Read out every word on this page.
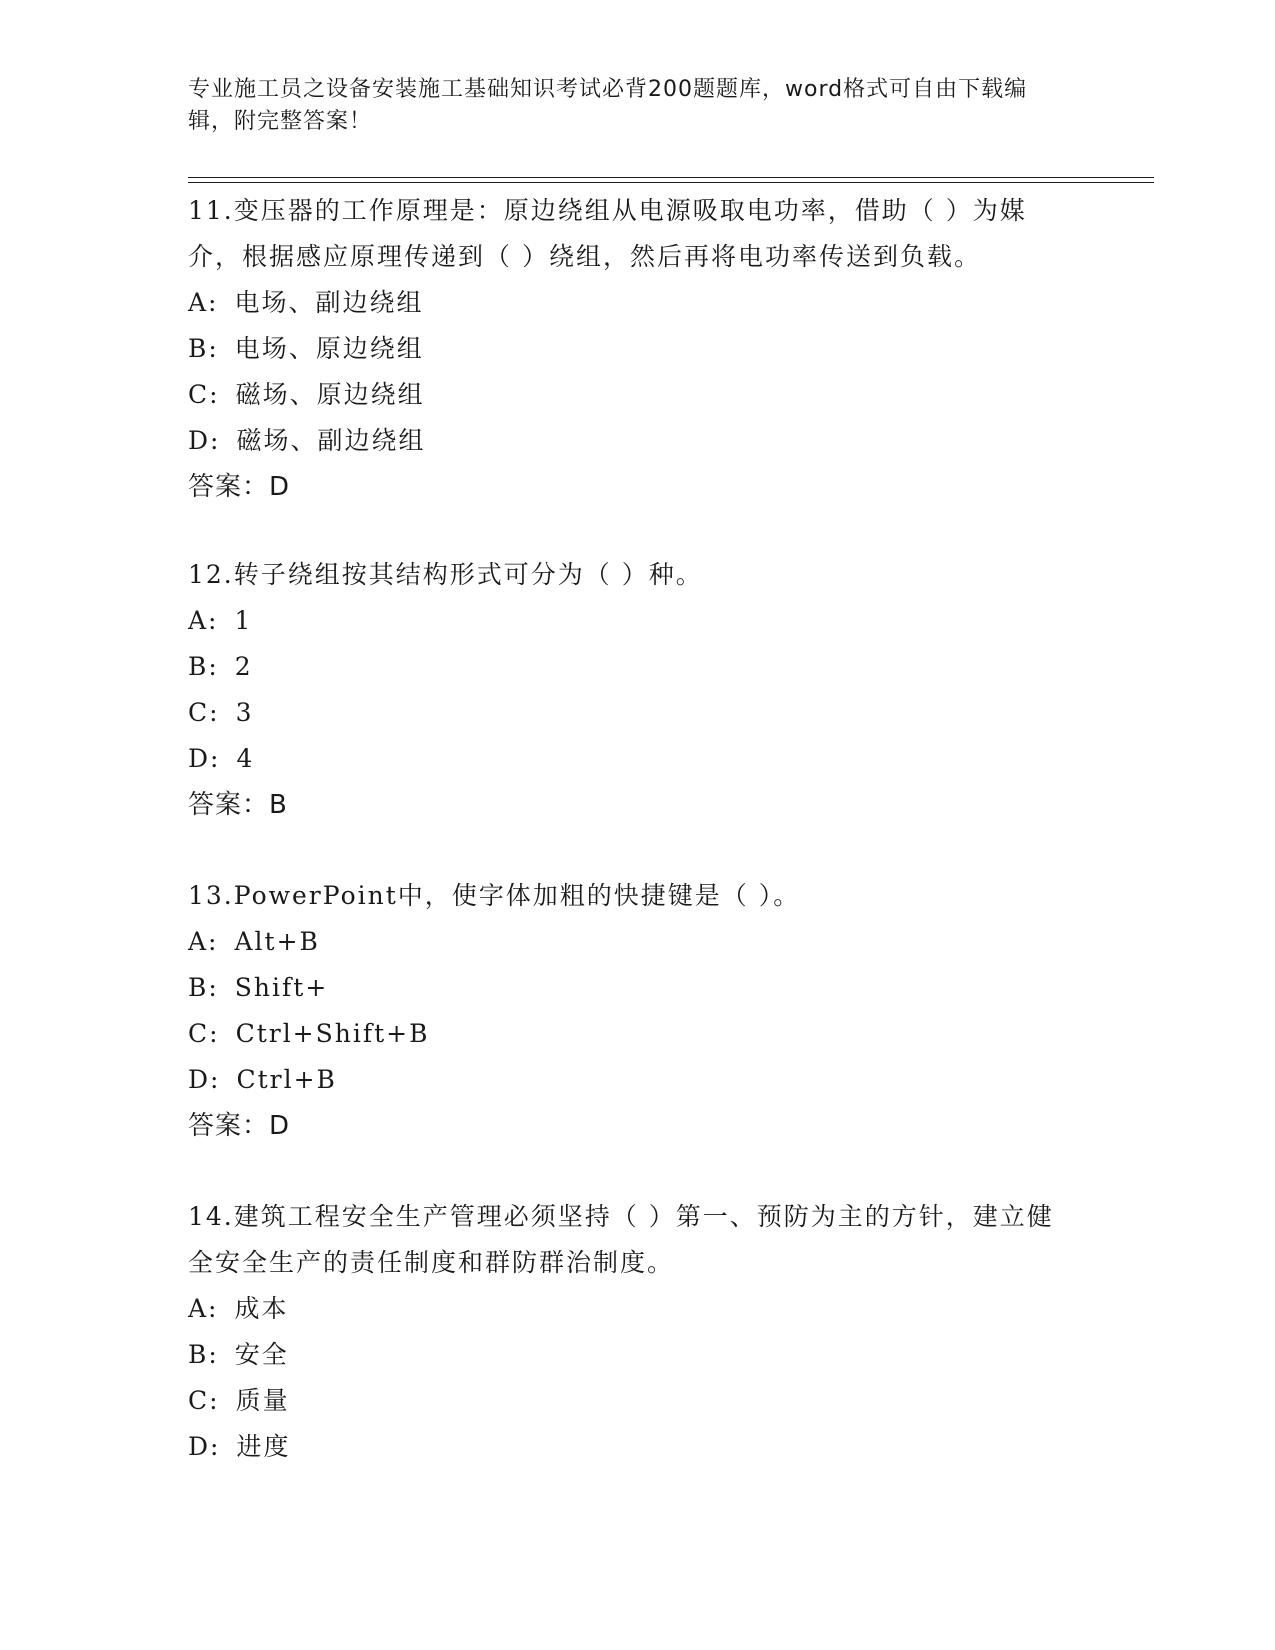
专业施工员之设备安装施工基础知识考试必背200题题库，word格式可自由下载编辑，附完整答案！

11.变压器的工作原理是：原边绕组从电源吸取电功率，借助（ ）为媒介，根据感应原理传递到（ ）绕组，然后再将电功率传送到负载。

A: 电场、副边绕组
B: 电场、原边绕组
C: 磁场、原边绕组
D: 磁场、副边绕组
答案：D

12.转子绕组按其结构形式可分为（ ）种。

A: 1
B: 2
C: 3
D: 4
答案：B

13.PowerPoint中，使字体加粗的快捷键是（ ）。

A: Alt+B
B: Shift+
C: Ctrl+Shift+B
D: Ctrl+B
答案：D

14.建筑工程安全生产管理必须坚持（ ）第一、预防为主的方针，建立健全安全生产的责任制度和群防群治制度。

A: 成本
B: 安全
C: 质量
D: 进度
